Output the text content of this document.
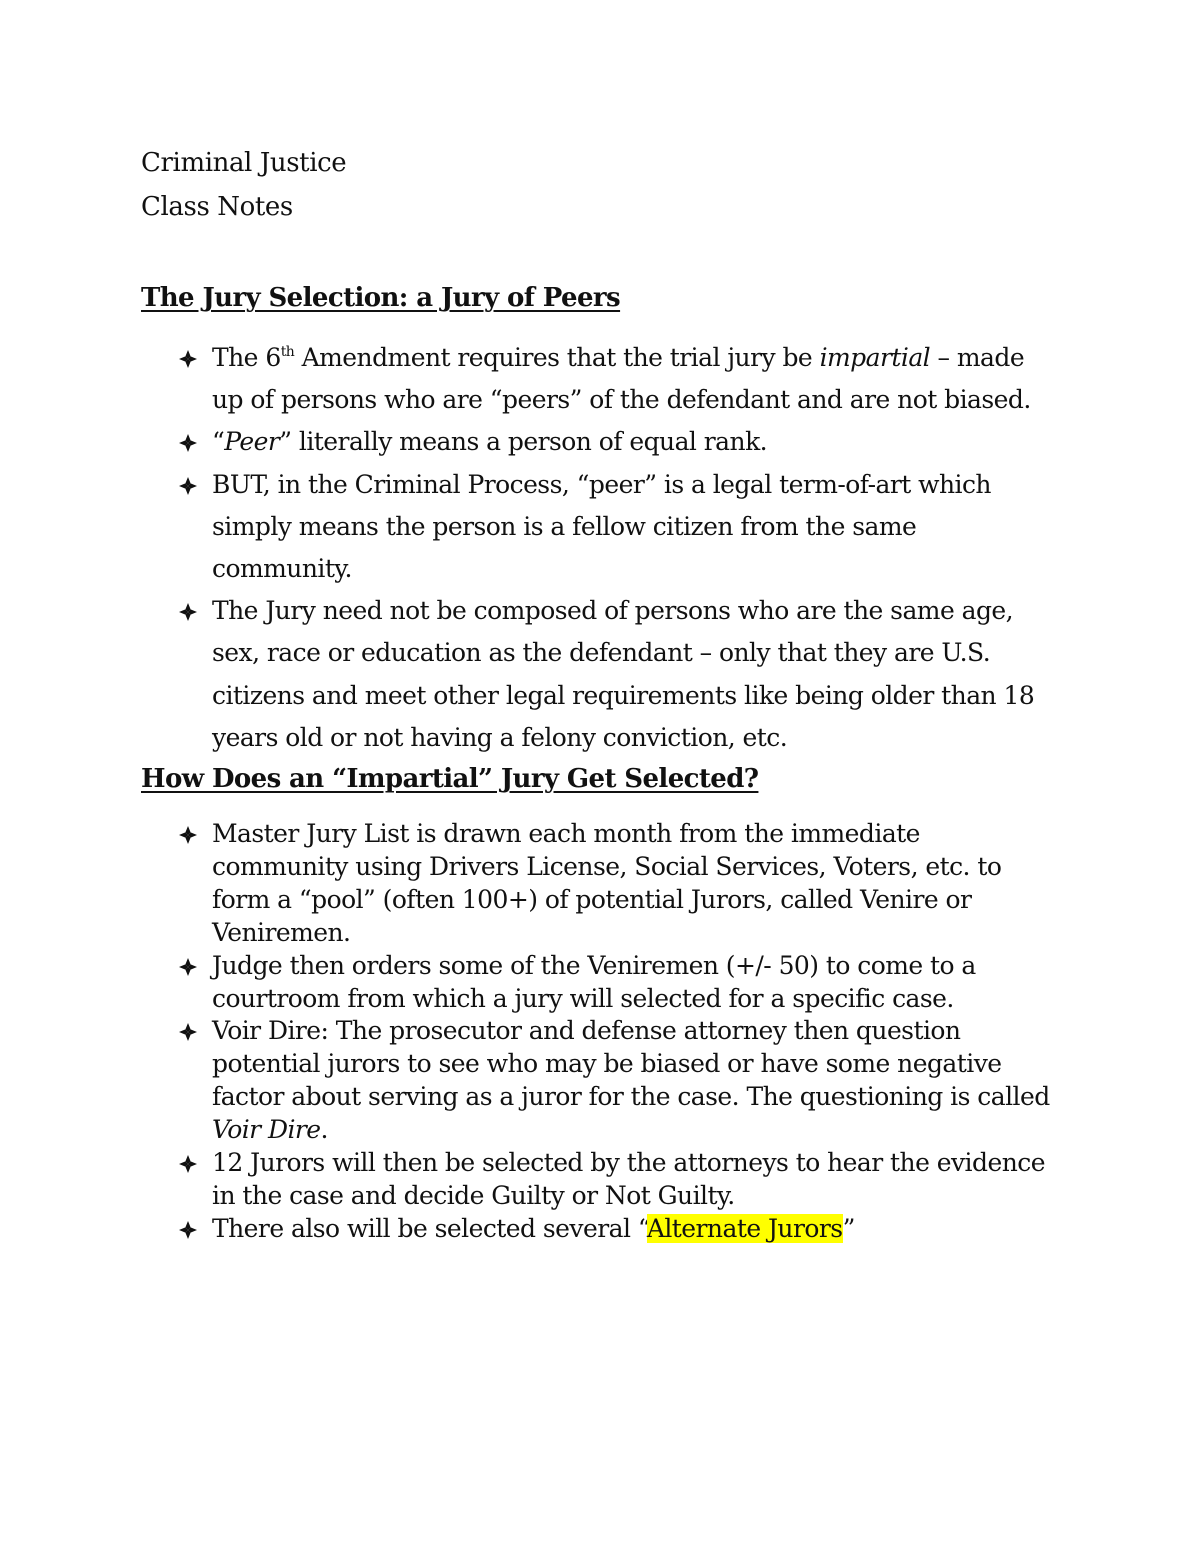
Criminal Justice
Class Notes
The Jury Selection: a Jury of Peers
The 6th Amendment requires that the trial jury be impartial – made
up of persons who are “peers” of the defendant and are not biased.
“Peer” literally means a person of equal rank.
BUT, in the Criminal Process, “peer” is a legal term-of-art which
simply means the person is a fellow citizen from the same
community.
The Jury need not be composed of persons who are the same age,
sex, race or education as the defendant – only that they are U.S.
citizens and meet other legal requirements like being older than 18
years old or not having a felony conviction, etc.
How Does an “Impartial” Jury Get Selected?
Master Jury List is drawn each month from the immediate
community using Drivers License, Social Services, Voters, etc. to
form a “pool” (often 100+) of potential Jurors, called Venire or
Veniremen.
Judge then orders some of the Veniremen (+/- 50) to come to a
courtroom from which a jury will selected for a specific case.
Voir Dire: The prosecutor and defense attorney then question
potential jurors to see who may be biased or have some negative
factor about serving as a juror for the case. The questioning is called
Voir Dire.
12 Jurors will then be selected by the attorneys to hear the evidence
in the case and decide Guilty or Not Guilty.
There also will be selected several “Alternate Jurors”
